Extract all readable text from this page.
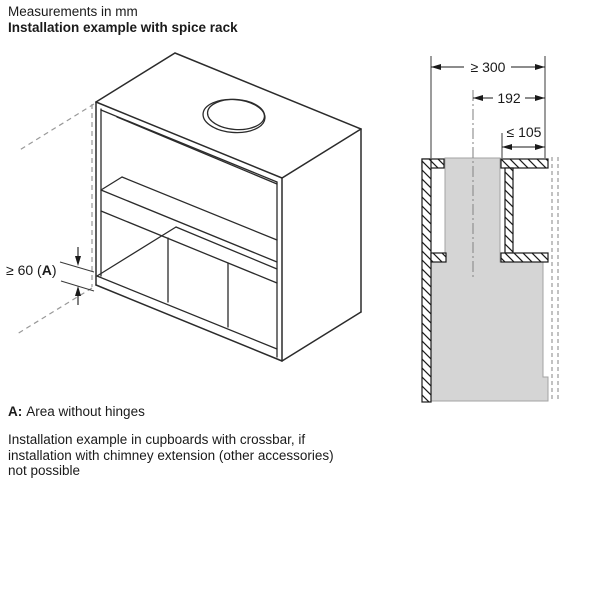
Measurements in mm
Installation example with spice rack
≥ 60 (A)
≥ 300
192
≤ 105
A: Area without hinges
Installation example in cupboards with crossbar, if
installation with chimney extension (other accessories)
not possible
